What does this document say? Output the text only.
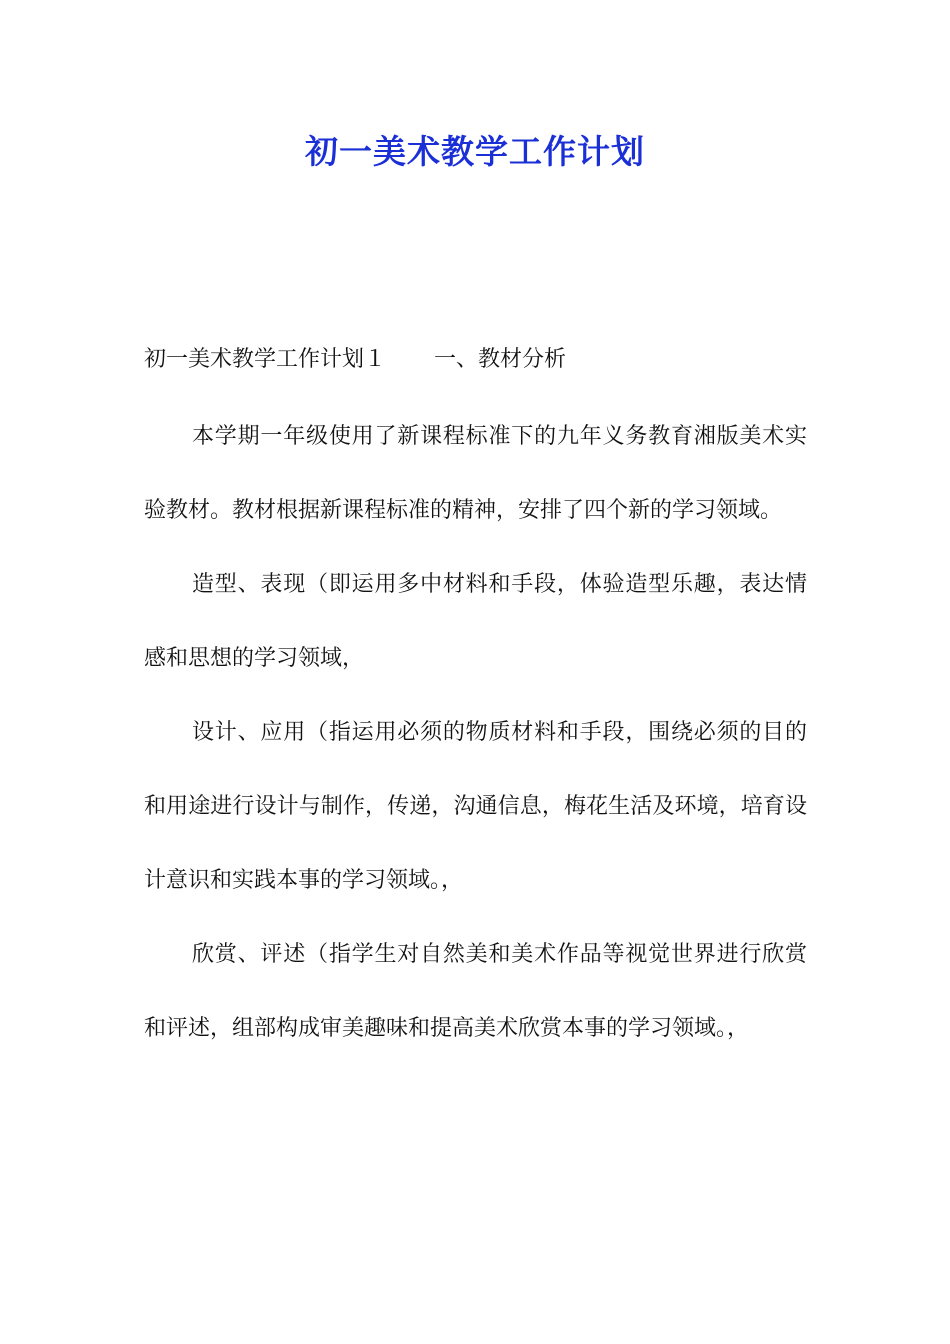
初一美术教学工作计划
初一美术教学工作计划１ 一、教材分析

本学期一年级使用了新课程标准下的九年义务教育湘版美术实验教材。教材根据新课程标准的精神，安排了四个新的学习领域。

造型、表现（即运用多中材料和手段，体验造型乐趣，表达情感和思想的学习领域，

设计、应用（指运用必须的物质材料和手段，围绕必须的目的和用途进行设计与制作，传递，沟通信息，梅花生活及环境，培育设计意识和实践本事的学习领域。，

欣赏、评述（指学生对自然美和美术作品等视觉世界进行欣赏和评述，组部构成审美趣味和提高美术欣赏本事的学习领域。，
